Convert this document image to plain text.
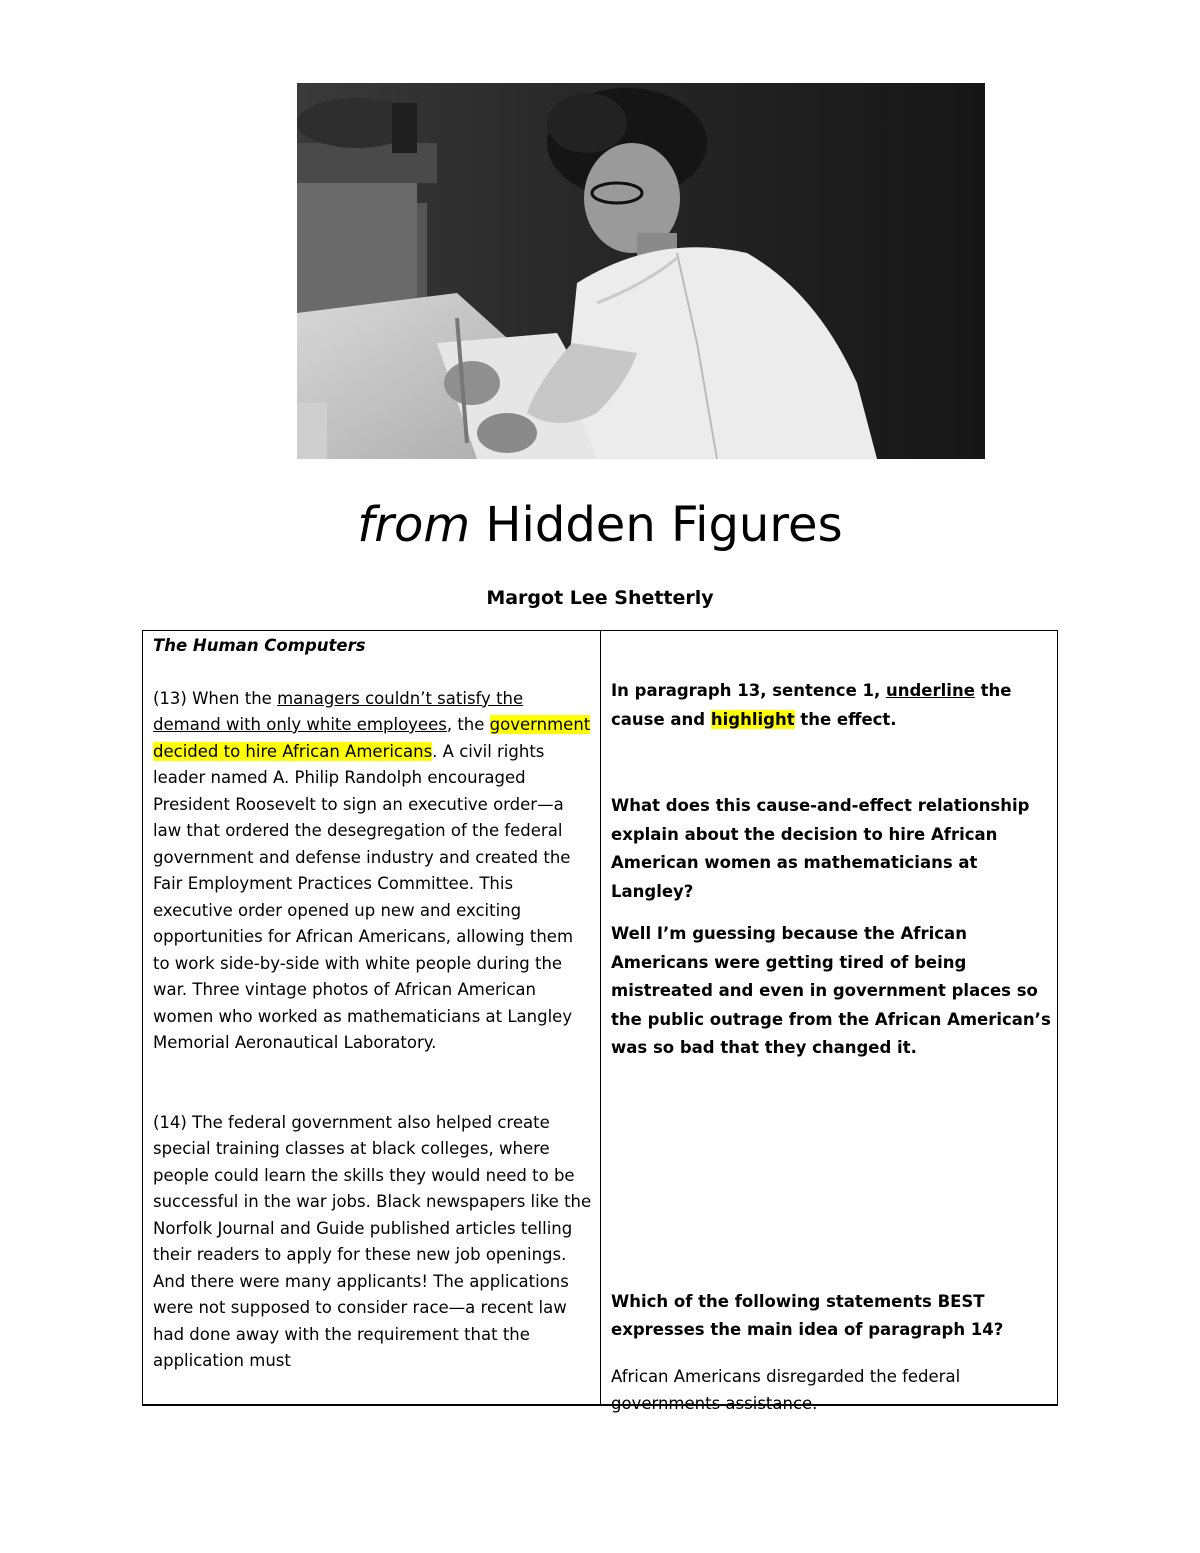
from Hidden Figures
Margot Lee Shetterly

The Human Computers

(13) When the managers couldn’t satisfy the demand with only white employees, the government decided to hire African Americans. A civil rights leader named A. Philip Randolph encouraged President Roosevelt to sign an executive order—a law that ordered the desegregation of the federal government and defense industry and created the Fair Employment Practices Committee. This executive order opened up new and exciting opportunities for African Americans, allowing them to work side-by-side with white people during the war. Three vintage photos of African American women who worked as mathematicians at Langley Memorial Aeronautical Laboratory.

(14) The federal government also helped create special training classes at black colleges, where people could learn the skills they would need to be successful in the war jobs. Black newspapers like the Norfolk Journal and Guide published articles telling their readers to apply for these new job openings. And there were many applicants! The applications were not supposed to consider race—a recent law had done away with the requirement that the application must

In paragraph 13, sentence 1, underline the cause and highlight the effect.

What does this cause-and-effect relationship explain about the decision to hire African American women as mathematicians at Langley?

Well I’m guessing because the African Americans were getting tired of being mistreated and even in government places so the public outrage from the African American’s was so bad that they changed it.

Which of the following statements BEST expresses the main idea of paragraph 14?

African Americans disregarded the federal governments assistance.
